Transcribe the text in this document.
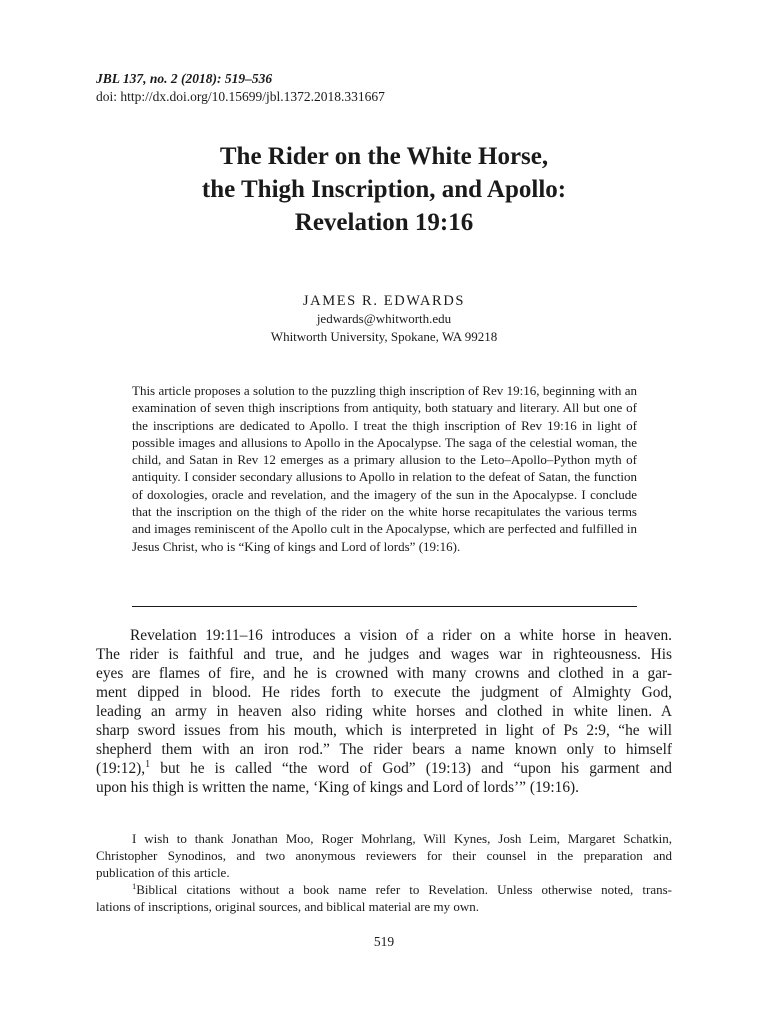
JBL 137, no. 2 (2018): 519–536
doi: http://dx.doi.org/10.15699/jbl.1372.2018.331667
The Rider on the White Horse,
the Thigh Inscription, and Apollo:
Revelation 19:16
JAMES R. EDWARDS
jedwards@whitworth.edu
Whitworth University, Spokane, WA 99218
This article proposes a solution to the puzzling thigh inscription of Rev 19:16, beginning with an examination of seven thigh inscriptions from antiquity, both statuary and literary. All but one of the inscriptions are dedicated to Apollo. I treat the thigh inscription of Rev 19:16 in light of possible images and allusions to Apollo in the Apocalypse. The saga of the celestial woman, the child, and Satan in Rev 12 emerges as a primary allusion to the Leto–Apollo–Python myth of antiquity. I consider secondary allusions to Apollo in relation to the defeat of Satan, the function of doxologies, oracle and revelation, and the imagery of the sun in the Apocalypse. I conclude that the inscription on the thigh of the rider on the white horse recapitulates the various terms and images reminiscent of the Apollo cult in the Apocalypse, which are perfected and fulfilled in Jesus Christ, who is “King of kings and Lord of lords” (19:16).
Revelation 19:11–16 introduces a vision of a rider on a white horse in heaven.
The rider is faithful and true, and he judges and wages war in righteousness. His
eyes are flames of fire, and he is crowned with many crowns and clothed in a gar-
ment dipped in blood. He rides forth to execute the judgment of Almighty God,
leading an army in heaven also riding white horses and clothed in white linen. A
sharp sword issues from his mouth, which is interpreted in light of Ps 2:9, “he will
shepherd them with an iron rod.” The rider bears a name known only to himself
(19:12),$^1$ but he is called “the word of God” (19:13) and “upon his garment and
upon his thigh is written the name, ‘King of kings and Lord of lords’” (19:16).
I wish to thank Jonathan Moo, Roger Mohrlang, Will Kynes, Josh Leim, Margaret Schatkin,
Christopher Synodinos, and two anonymous reviewers for their counsel in the preparation and
publication of this article.
$^1$Biblical citations without a book name refer to Revelation. Unless otherwise noted, trans-
lations of inscriptions, original sources, and biblical material are my own.
519
